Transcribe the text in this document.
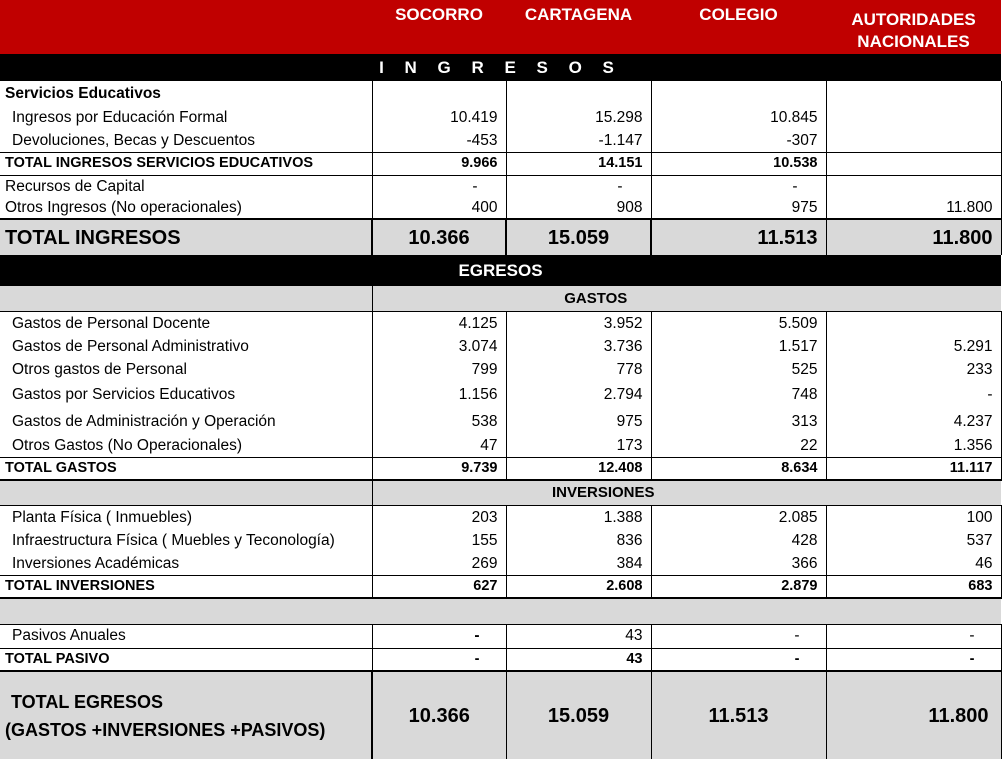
	SOCORRO	CARTAGENA	COLEGIO	AUTORIDADES NACIONALES
I N G R E S O S				
Servicios Educativos				
Ingresos por Educación Formal	10.419	15.298	10.845	
Devoluciones, Becas y Descuentos	-453	-1.147	-307	
TOTAL INGRESOS SERVICIOS EDUCATIVOS	9.966	14.151	10.538	
Recursos de Capital	-	-	-	
Otros Ingresos (No operacionales)	400	908	975	11.800
TOTAL INGRESOS	10.366	15.059	11.513	11.800
EGRESOS				
	GASTOS			
Gastos de Personal Docente	4.125	3.952	5.509	
Gastos de Personal Administrativo	3.074	3.736	1.517	5.291
Otros gastos de Personal	799	778	525	233
Gastos por Servicios Educativos	1.156	2.794	748	-
Gastos de Administración y Operación	538	975	313	4.237
Otros Gastos (No Operacionales)	47	173	22	1.356
TOTAL GASTOS	9.739	12.408	8.634	11.117
	INVERSIONES			
Planta Física ( Inmuebles)	203	1.388	2.085	100
Infraestructura Física ( Muebles y Teconología)	155	836	428	537
Inversiones Académicas	269	384	366	46
TOTAL INVERSIONES	627	2.608	2.879	683

Pasivos Anuales	-	43	-	-
TOTAL PASIVO	-	43	-	-

TOTAL EGRESOS
(GASTOS +INVERSIONES +PASIVOS)	10.366	15.059	11.513	11.800
